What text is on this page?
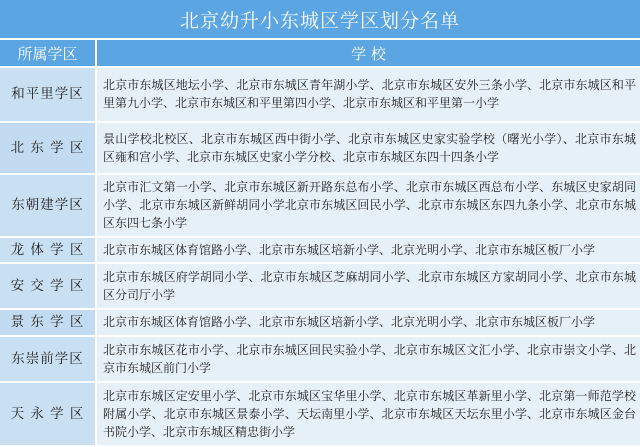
北京幼升小东城区学区划分名单
所属学区	学 校
和平里学区	北京市东城区地坛小学、北京市东城区青年湖小学、北京市东城区安外三条小学、北京市东城区和平里第九小学、北京市东城区和平里第四小学、北京市东城区和平里第一小学
北 东 学 区	景山学校北校区、北京市东城区西中街小学、北京市东城区史家实验学校（曙光小学）、北京市东城区雍和宫小学、北京市东城区史家小学分校、北京市东城区东四十四条小学
东朝建学区	北京市汇文第一小学、北京市东城区新开路东总布小学、北京市东城区西总布小学、东城区史家胡同小学、北京市东城区新鲜胡同小学北京市东城区回民小学、北京市东城区东四九条小学、北京市东城区东四七条小学
龙 体 学 区	北京市东城区体育馆路小学、北京市东城区培新小学、北京光明小学、北京市东城区板厂小学
安 交 学 区	北京市东城区府学胡同小学、北京市东城区芝麻胡同小学、北京市东城区方家胡同小学、北京市东城区分司厅小学
景 东 学 区	北京市东城区体育馆路小学、北京市东城区培新小学、北京光明小学、北京市东城区板厂小学
东崇前学区	北京市东城区花市小学、北京市东城区回民实验小学、北京市东城区文汇小学、北京市崇文小学、北京市东城区前门小学
天 永 学 区	北京市东城区定安里小学、北京市东城区宝华里小学、北京市东城区革新里小学、北京第一师范学校附属小学、北京市东城区景泰小学、天坛南里小学、北京市东城区天坛东里小学、北京市东城区金台书院小学、北京市东城区精忠街小学
